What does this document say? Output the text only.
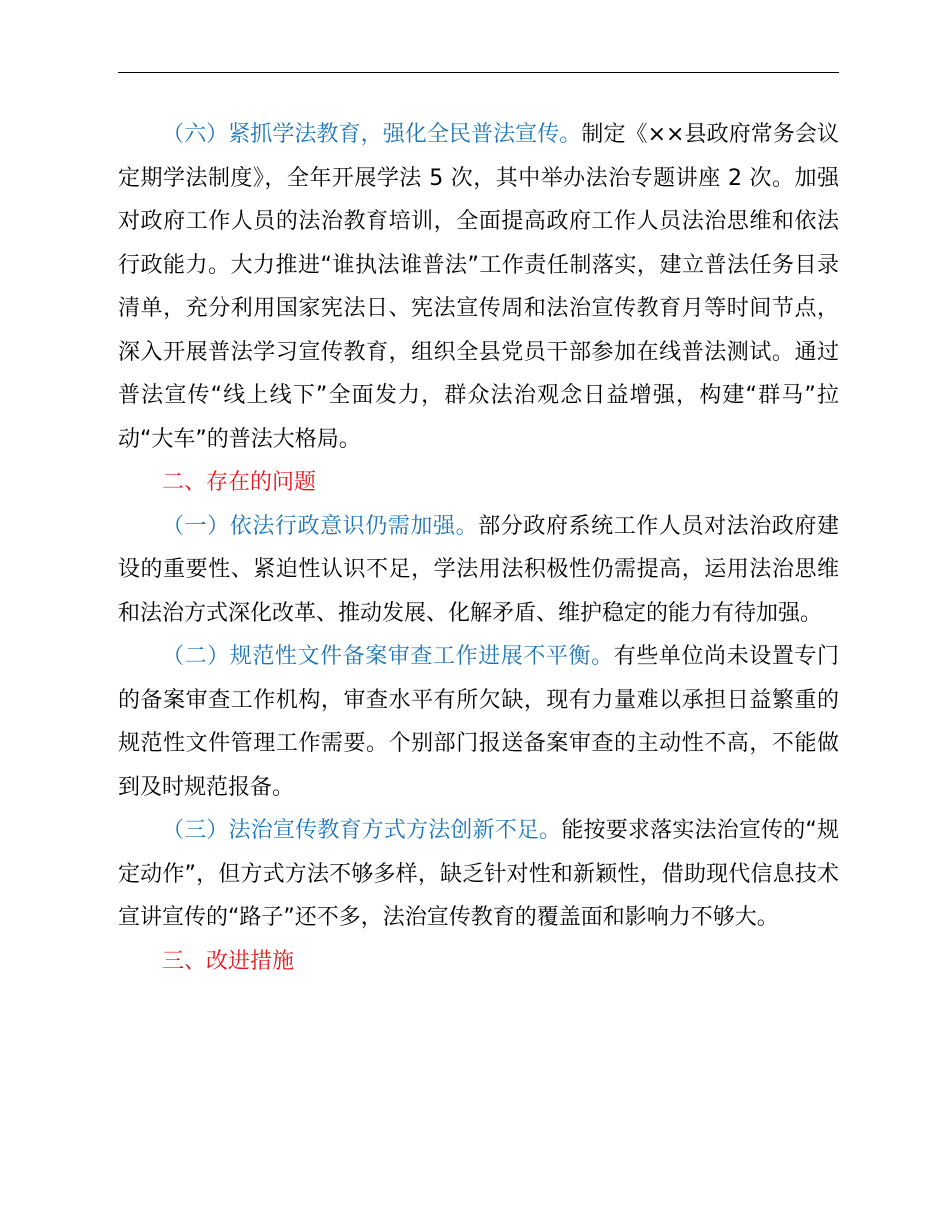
（六）紧抓学法教育，强化全民普法宣传。制定《××县政府常务会议定期学法制度》，全年开展学法 5 次，其中举办法治专题讲座 2 次。加强对政府工作人员的法治教育培训，全面提高政府工作人员法治思维和依法行政能力。大力推进“谁执法谁普法”工作责任制落实，建立普法任务目录清单，充分利用国家宪法日、宪法宣传周和法治宣传教育月等时间节点，深入开展普法学习宣传教育，组织全县党员干部参加在线普法测试。通过普法宣传“线上线下”全面发力，群众法治观念日益增强，构建“群马”拉动“大车”的普法大格局。

二、存在的问题

（一）依法行政意识仍需加强。部分政府系统工作人员对法治政府建设的重要性、紧迫性认识不足，学法用法积极性仍需提高，运用法治思维和法治方式深化改革、推动发展、化解矛盾、维护稳定的能力有待加强。

（二）规范性文件备案审查工作进展不平衡。有些单位尚未设置专门的备案审查工作机构，审查水平有所欠缺，现有力量难以承担日益繁重的规范性文件管理工作需要。个别部门报送备案审查的主动性不高，不能做到及时规范报备。

（三）法治宣传教育方式方法创新不足。能按要求落实法治宣传的“规定动作”，但方式方法不够多样，缺乏针对性和新颖性，借助现代信息技术宣讲宣传的“路子”还不多，法治宣传教育的覆盖面和影响力不够大。

三、改进措施
